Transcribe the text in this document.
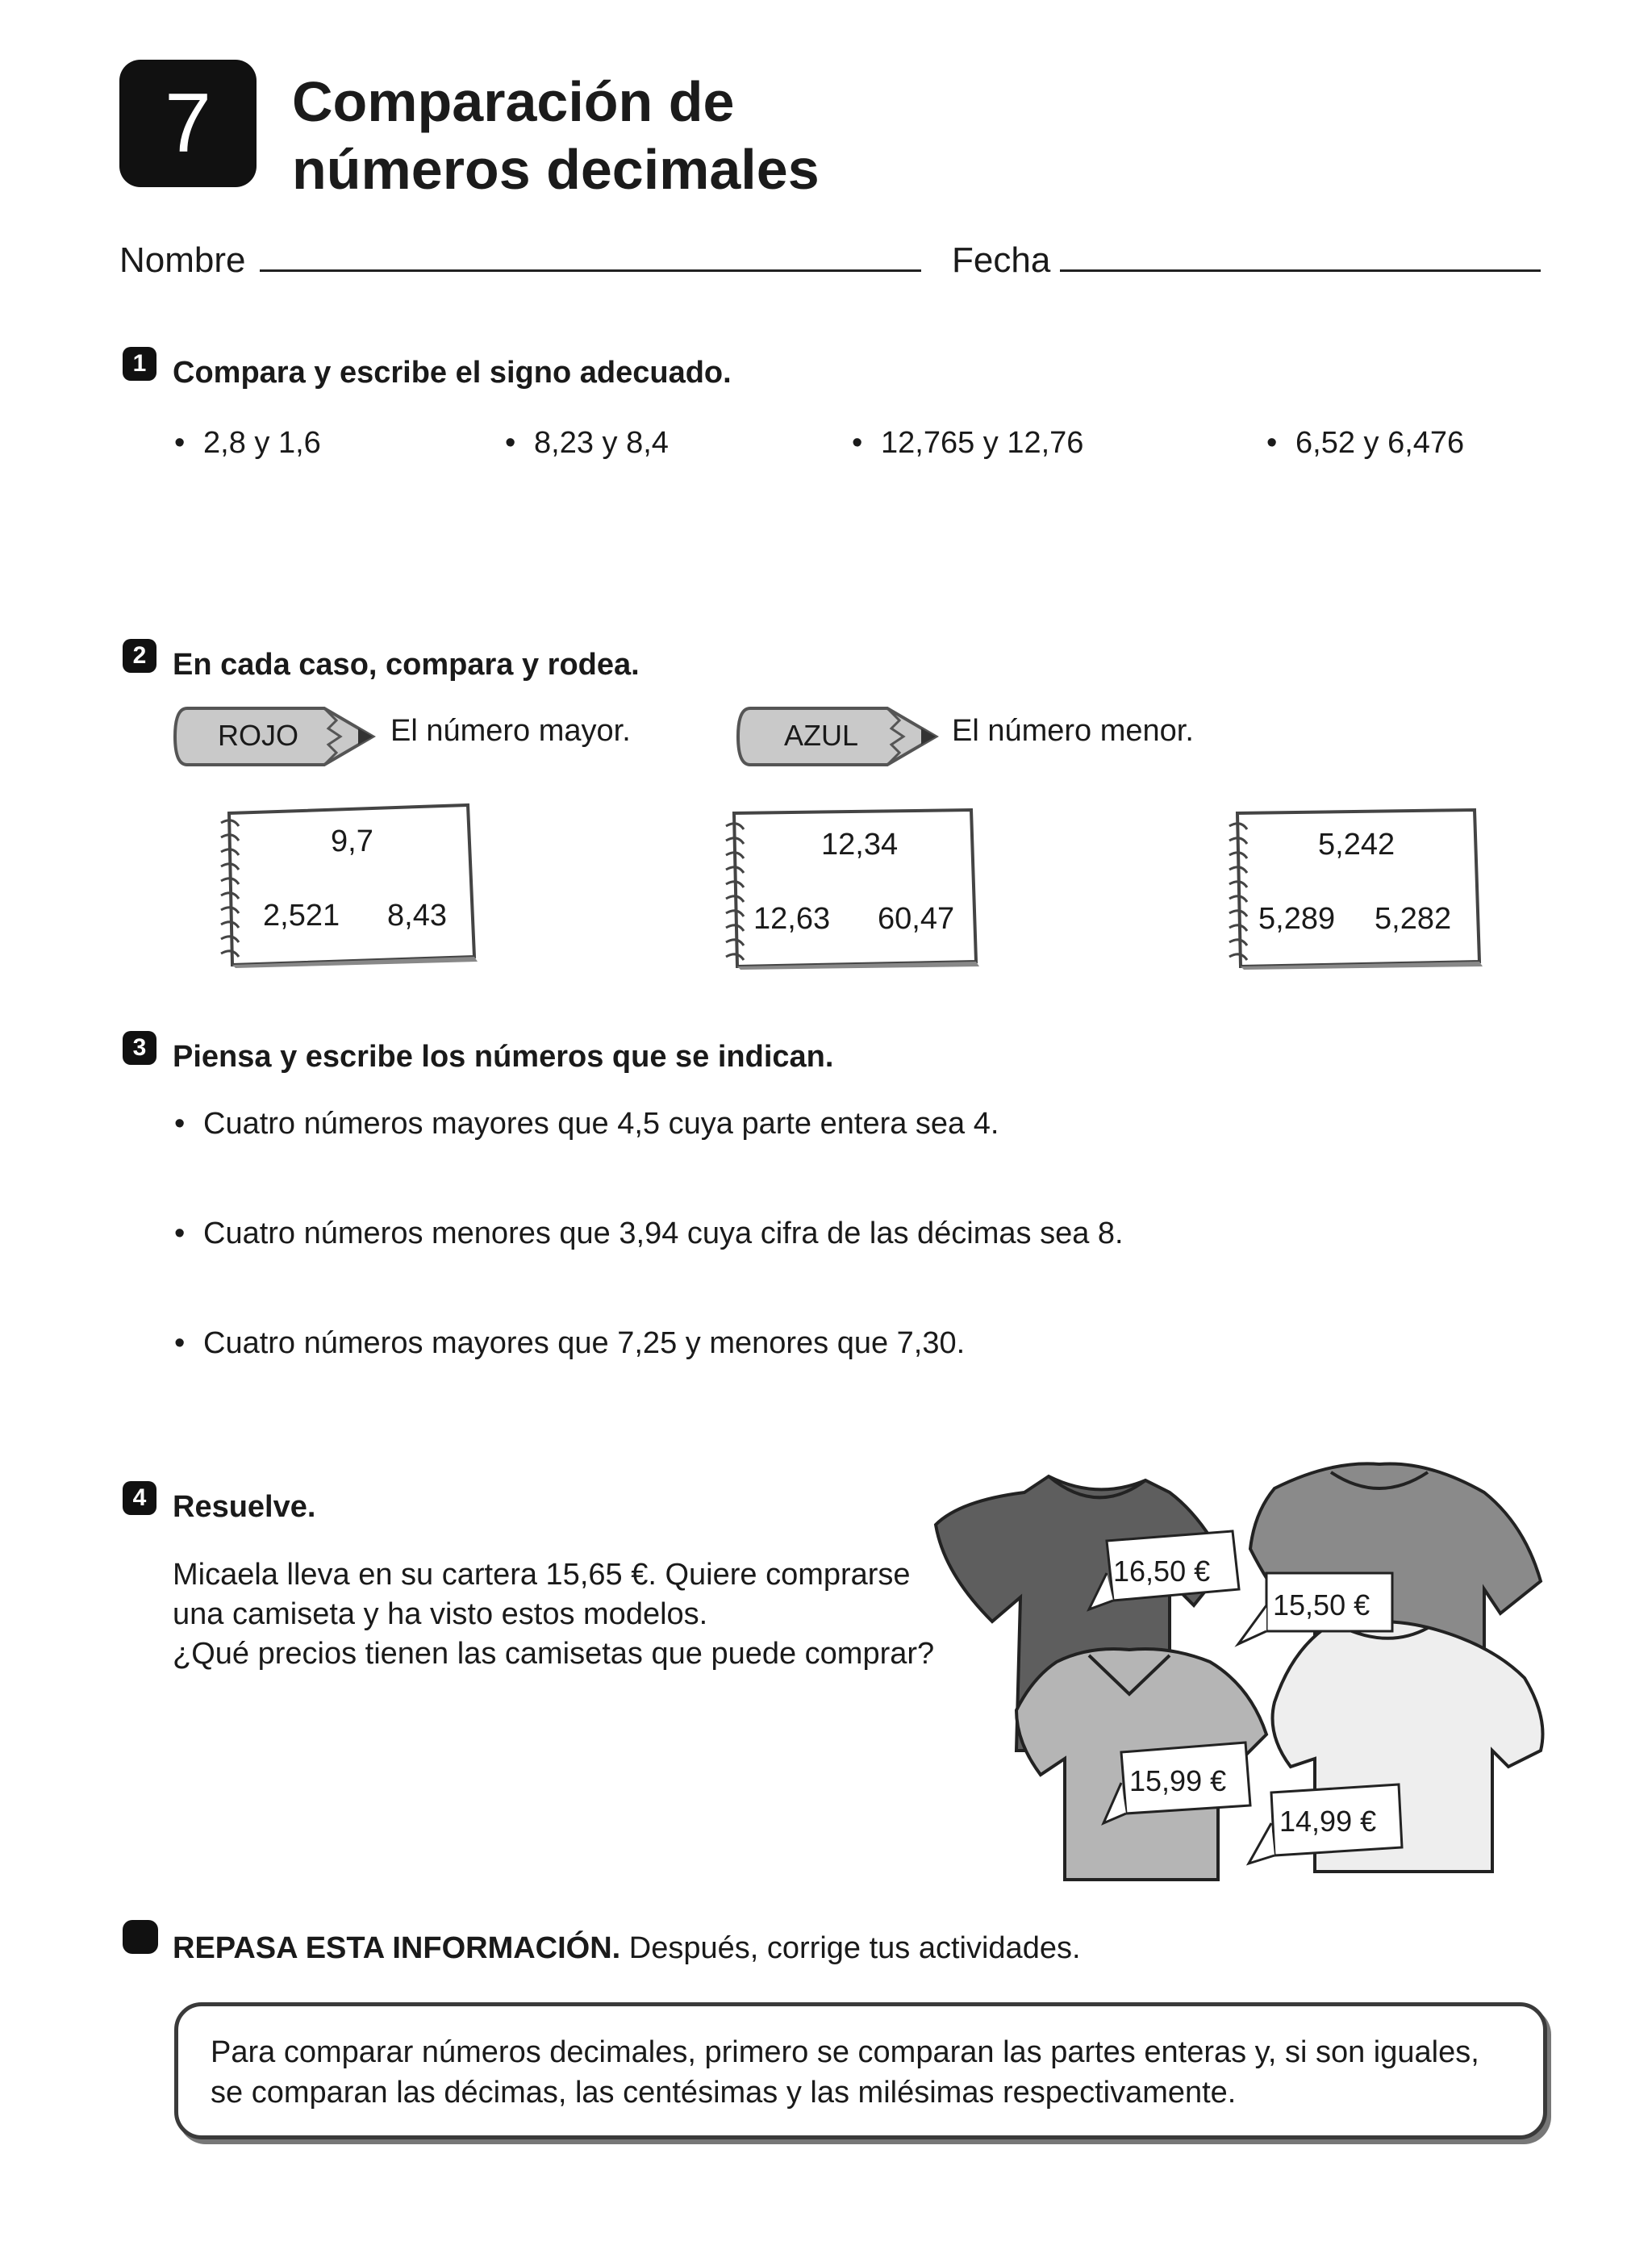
7	Comparación de
números decimales
Nombre	Fecha
1 Compara y escribe el signo adecuado.
• 2,8 y 1,6	• 8,23 y 8,4	• 12,765 y 12,76	• 6,52 y 6,476
2 En cada caso, compara y rodea.
ROJO	El número mayor.	AZUL	El número menor.
9,7
2,521 8,43
12,34
12,63 60,47
5,242
5,289 5,282
3 Piensa y escribe los números que se indican.
• Cuatro números mayores que 4,5 cuya parte entera sea 4.
• Cuatro números menores que 3,94 cuya cifra de las décimas sea 8.
• Cuatro números mayores que 7,25 y menores que 7,30.
4 Resuelve.
Micaela lleva en su cartera 15,65 €. Quiere comprarse
una camiseta y ha visto estos modelos.
¿Qué precios tienen las camisetas que puede comprar?
16,50 €
15,50 €
15,99 €
14,99 €
REPASA ESTA INFORMACIÓN. Después, corrige tus actividades.
Para comparar números decimales, primero se comparan las partes enteras y, si son iguales,
se comparan las décimas, las centésimas y las milésimas respectivamente.
